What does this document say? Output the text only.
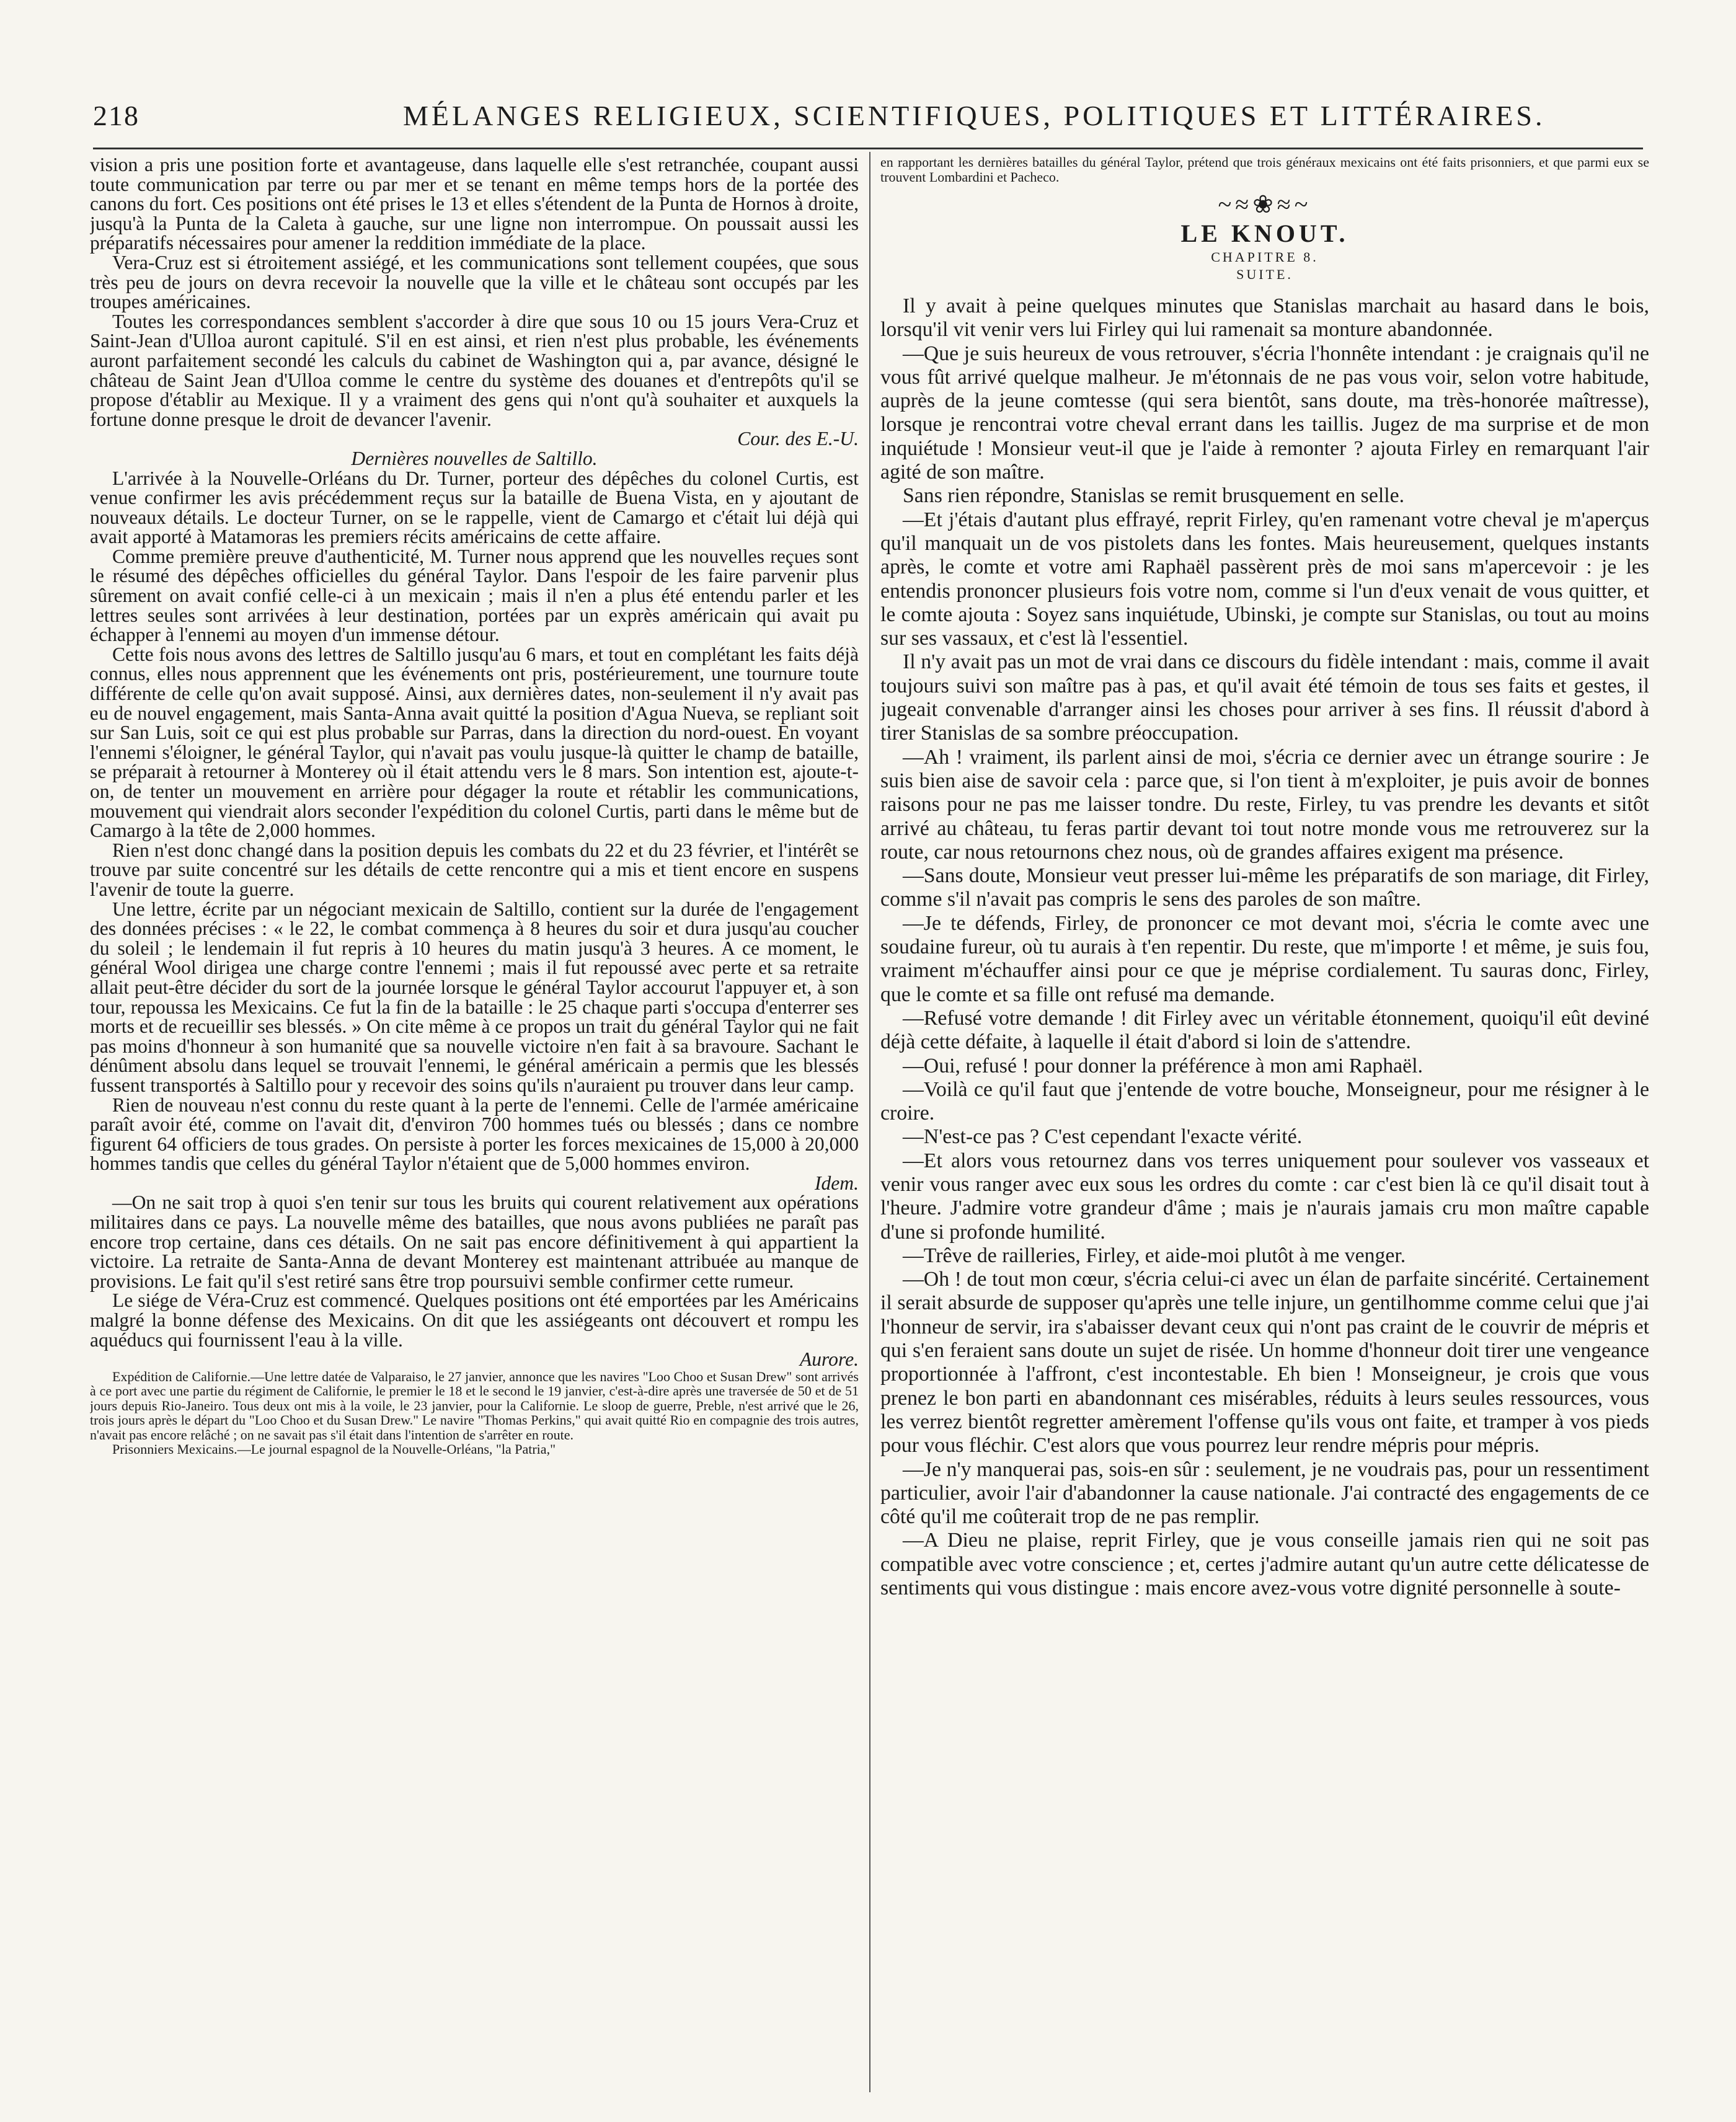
218	MÉLANGES RELIGIEUX, SCIENTIFIQUES, POLITIQUES ET LITTÉRAIRES.

vision a pris une position forte et avantageuse, dans laquelle elle s'est retranchée, coupant aussi toute communication par terre ou par mer et se tenant en même temps hors de la portée des canons du fort. Ces positions ont été prises le 13 et elles s'étendent de la Punta de Hornos à droite, jusqu'à la Punta de la Caleta à gauche, sur une ligne non interrompue. On poussait aussi les préparatifs nécessaires pour amener la reddition immédiate de la place.

Vera-Cruz est si étroitement assiégé, et les communications sont tellement coupées, que sous très peu de jours on devra recevoir la nouvelle que la ville et le château sont occupés par les troupes américaines.

Toutes les correspondances semblent s'accorder à dire que sous 10 ou 15 jours Vera-Cruz et Saint-Jean d'Ulloa auront capitulé. S'il en est ainsi, et rien n'est plus probable, les événements auront parfaitement secondé les calculs du cabinet de Washington qui a, par avance, désigné le château de Saint Jean d'Ulloa comme le centre du système des douanes et d'entrepôts qu'il se propose d'établir au Mexique. Il y a vraiment des gens qui n'ont qu'à souhaiter et auxquels la fortune donne presque le droit de devancer l'avenir.

Cour. des E.-U.

Dernières nouvelles de Saltillo.

L'arrivée à la Nouvelle-Orléans du Dr. Turner, porteur des dépêches du colonel Curtis, est venue confirmer les avis précédemment reçus sur la bataille de Buena Vista, en y ajoutant de nouveaux détails. Le docteur Turner, on se le rappelle, vient de Camargo et c'était lui déjà qui avait apporté à Matamoras les premiers récits américains de cette affaire.

Comme première preuve d'authenticité, M. Turner nous apprend que les nouvelles reçues sont le résumé des dépêches officielles du général Taylor. Dans l'espoir de les faire parvenir plus sûrement on avait confié celle-ci à un mexicain ; mais il n'en a plus été entendu parler et les lettres seules sont arrivées à leur destination, portées par un exprès américain qui avait pu échapper à l'ennemi au moyen d'un immense détour.

Cette fois nous avons des lettres de Saltillo jusqu'au 6 mars, et tout en complétant les faits déjà connus, elles nous apprennent que les événements ont pris, postérieurement, une tournure toute différente de celle qu'on avait supposé. Ainsi, aux dernières dates, non-seulement il n'y avait pas eu de nouvel engagement, mais Santa-Anna avait quitté la position d'Agua Nueva, se repliant soit sur San Luis, soit ce qui est plus probable sur Parras, dans la direction du nord-ouest. En voyant l'ennemi s'éloigner, le général Taylor, qui n'avait pas voulu jusque-là quitter le champ de bataille, se préparait à retourner à Monterey où il était attendu vers le 8 mars. Son intention est, ajoute-t-on, de tenter un mouvement en arrière pour dégager la route et rétablir les communications, mouvement qui viendrait alors seconder l'expédition du colonel Curtis, parti dans le même but de Camargo à la tête de 2,000 hommes.

Rien n'est donc changé dans la position depuis les combats du 22 et du 23 février, et l'intérêt se trouve par suite concentré sur les détails de cette rencontre qui a mis et tient encore en suspens l'avenir de toute la guerre.

Une lettre, écrite par un négociant mexicain de Saltillo, contient sur la durée de l'engagement des données précises : « le 22, le combat commença à 8 heures du soir et dura jusqu'au coucher du soleil ; le lendemain il fut repris à 10 heures du matin jusqu'à 3 heures. A ce moment, le général Wool dirigea une charge contre l'ennemi ; mais il fut repoussé avec perte et sa retraite allait peut-être décider du sort de la journée lorsque le général Taylor accourut l'appuyer et, à son tour, repoussa les Mexicains. Ce fut la fin de la bataille : le 25 chaque parti s'occupa d'enterrer ses morts et de recueillir ses blessés. » On cite même à ce propos un trait du général Taylor qui ne fait pas moins d'honneur à son humanité que sa nouvelle victoire n'en fait à sa bravoure. Sachant le dénûment absolu dans lequel se trouvait l'ennemi, le général américain a permis que les blessés fussent transportés à Saltillo pour y recevoir des soins qu'ils n'auraient pu trouver dans leur camp.

Rien de nouveau n'est connu du reste quant à la perte de l'ennemi. Celle de l'armée américaine paraît avoir été, comme on l'avait dit, d'environ 700 hommes tués ou blessés ; dans ce nombre figurent 64 officiers de tous grades. On persiste à porter les forces mexicaines de 15,000 à 20,000 hommes tandis que celles du général Taylor n'étaient que de 5,000 hommes environ.

Idem.

—On ne sait trop à quoi s'en tenir sur tous les bruits qui courent relativement aux opérations militaires dans ce pays. La nouvelle même des batailles, que nous avons publiées ne paraît pas encore trop certaine, dans ces détails. On ne sait pas encore définitivement à qui appartient la victoire. La retraite de Santa-Anna de devant Monterey est maintenant attribuée au manque de provisions. Le fait qu'il s'est retiré sans être trop poursuivi semble confirmer cette rumeur.

Le siége de Véra-Cruz est commencé. Quelques positions ont été emportées par les Américains malgré la bonne défense des Mexicains. On dit que les assiégeants ont découvert et rompu les aquéducs qui fournissent l'eau à la ville.

Aurore.

Expédition de Californie.—Une lettre datée de Valparaiso, le 27 janvier, annonce que les navires "Loo Choo et Susan Drew" sont arrivés à ce port avec une partie du régiment de Californie, le premier le 18 et le second le 19 janvier, c'est-à-dire après une traversée de 50 et de 51 jours depuis Rio-Janeiro. Tous deux ont mis à la voile, le 23 janvier, pour la Californie. Le sloop de guerre, Preble, n'est arrivé que le 26, trois jours après le départ du "Loo Choo et du Susan Drew." Le navire "Thomas Perkins," qui avait quitté Rio en compagnie des trois autres, n'avait pas encore relâché ; on ne savait pas s'il était dans l'intention de s'arrêter en route.

Prisonniers Mexicains.—Le journal espagnol de la Nouvelle-Orléans, "la Patria,"

en rapportant les dernières batailles du général Taylor, prétend que trois généraux mexicains ont été faits prisonniers, et que parmi eux se trouvent Lombardini et Pacheco.

~≈❀≈~
LE KNOUT.
CHAPITRE 8.
SUITE.

Il y avait à peine quelques minutes que Stanislas marchait au hasard dans le bois, lorsqu'il vit venir vers lui Firley qui lui ramenait sa monture abandonnée.

—Que je suis heureux de vous retrouver, s'écria l'honnête intendant : je craignais qu'il ne vous fût arrivé quelque malheur. Je m'étonnais de ne pas vous voir, selon votre habitude, auprès de la jeune comtesse (qui sera bientôt, sans doute, ma très-honorée maîtresse), lorsque je rencontrai votre cheval errant dans les taillis. Jugez de ma surprise et de mon inquiétude ! Monsieur veut-il que je l'aide à remonter ? ajouta Firley en remarquant l'air agité de son maître.

Sans rien répondre, Stanislas se remit brusquement en selle.

—Et j'étais d'autant plus effrayé, reprit Firley, qu'en ramenant votre cheval je m'aperçus qu'il manquait un de vos pistolets dans les fontes. Mais heureusement, quelques instants après, le comte et votre ami Raphaël passèrent près de moi sans m'apercevoir : je les entendis prononcer plusieurs fois votre nom, comme si l'un d'eux venait de vous quitter, et le comte ajouta : Soyez sans inquiétude, Ubinski, je compte sur Stanislas, ou tout au moins sur ses vassaux, et c'est là l'essentiel.

Il n'y avait pas un mot de vrai dans ce discours du fidèle intendant : mais, comme il avait toujours suivi son maître pas à pas, et qu'il avait été témoin de tous ses faits et gestes, il jugeait convenable d'arranger ainsi les choses pour arriver à ses fins. Il réussit d'abord à tirer Stanislas de sa sombre préoccupation.

—Ah ! vraiment, ils parlent ainsi de moi, s'écria ce dernier avec un étrange sourire : Je suis bien aise de savoir cela : parce que, si l'on tient à m'exploiter, je puis avoir de bonnes raisons pour ne pas me laisser tondre. Du reste, Firley, tu vas prendre les devants et sitôt arrivé au château, tu feras partir devant toi tout notre monde vous me retrouverez sur la route, car nous retournons chez nous, où de grandes affaires exigent ma présence.

—Sans doute, Monsieur veut presser lui-même les préparatifs de son mariage, dit Firley, comme s'il n'avait pas compris le sens des paroles de son maître.

—Je te défends, Firley, de prononcer ce mot devant moi, s'écria le comte avec une soudaine fureur, où tu aurais à t'en repentir. Du reste, que m'importe ! et même, je suis fou, vraiment m'échauffer ainsi pour ce que je méprise cordialement. Tu sauras donc, Firley, que le comte et sa fille ont refusé ma demande.

—Refusé votre demande ! dit Firley avec un véritable étonnement, quoiqu'il eût deviné déjà cette défaite, à laquelle il était d'abord si loin de s'attendre.

—Oui, refusé ! pour donner la préférence à mon ami Raphaël.

—Voilà ce qu'il faut que j'entende de votre bouche, Monseigneur, pour me résigner à le croire.

—N'est-ce pas ? C'est cependant l'exacte vérité.

—Et alors vous retournez dans vos terres uniquement pour soulever vos vasseaux et venir vous ranger avec eux sous les ordres du comte : car c'est bien là ce qu'il disait tout à l'heure. J'admire votre grandeur d'âme ; mais je n'aurais jamais cru mon maître capable d'une si profonde humilité.

—Trêve de railleries, Firley, et aide-moi plutôt à me venger.

—Oh ! de tout mon cœur, s'écria celui-ci avec un élan de parfaite sincérité. Certainement il serait absurde de supposer qu'après une telle injure, un gentilhomme comme celui que j'ai l'honneur de servir, ira s'abaisser devant ceux qui n'ont pas craint de le couvrir de mépris et qui s'en feraient sans doute un sujet de risée. Un homme d'honneur doit tirer une vengeance proportionnée à l'affront, c'est incontestable. Eh bien ! Monseigneur, je crois que vous prenez le bon parti en abandonnant ces misérables, réduits à leurs seules ressources, vous les verrez bientôt regretter amèrement l'offense qu'ils vous ont faite, et tramper à vos pieds pour vous fléchir. C'est alors que vous pourrez leur rendre mépris pour mépris.

—Je n'y manquerai pas, sois-en sûr : seulement, je ne voudrais pas, pour un ressentiment particulier, avoir l'air d'abandonner la cause nationale. J'ai contracté des engagements de ce côté qu'il me coûterait trop de ne pas remplir.

—A Dieu ne plaise, reprit Firley, que je vous conseille jamais rien qui ne soit pas compatible avec votre conscience ; et, certes j'admire autant qu'un autre cette délicatesse de sentiments qui vous distingue : mais encore avez-vous votre dignité personnelle à soute-
